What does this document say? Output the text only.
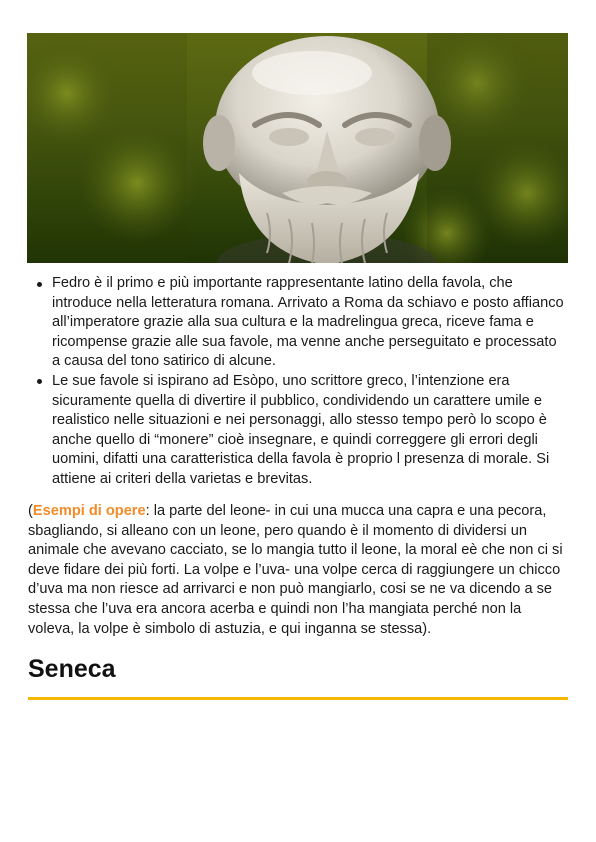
Fedro è il primo e più importante rappresentante latino della favola, che introduce nella letteratura romana. Arrivato a Roma da schiavo e posto affianco all’imperatore grazie alla sua cultura e la madrelingua greca, riceve fama e ricompense grazie alle sua favole, ma venne anche perseguitato e processato a causa del tono satirico di alcune.
Le sue favole si ispirano ad Esòpo, uno scrittore greco, l’intenzione era sicuramente quella di divertire il pubblico, condividendo un carattere umile e realistico nelle situazioni e nei personaggi, allo stesso tempo però lo scopo è anche quello di “monere” cioè insegnare, e quindi correggere gli errori degli uomini, difatti una caratteristica della favola è proprio l presenza di morale. Si attiene ai criteri della varietas e brevitas.

(Esempi di opere: la parte del leone- in cui una mucca una capra e una pecora, sbagliando, si alleano con un leone, pero quando è il momento di dividersi un animale che avevano cacciato, se lo mangia tutto il leone, la moral eè che non ci si deve fidare dei più forti. La volpe e l’uva- una volpe cerca di raggiungere un chicco d’uva ma non riesce ad arrivarci e non può mangiarlo, cosi se ne va dicendo a se stessa che l’uva era ancora acerba e quindi non l’ha mangiata perché non la voleva, la volpe è simbolo di astuzia, e qui inganna se stessa).

Seneca
